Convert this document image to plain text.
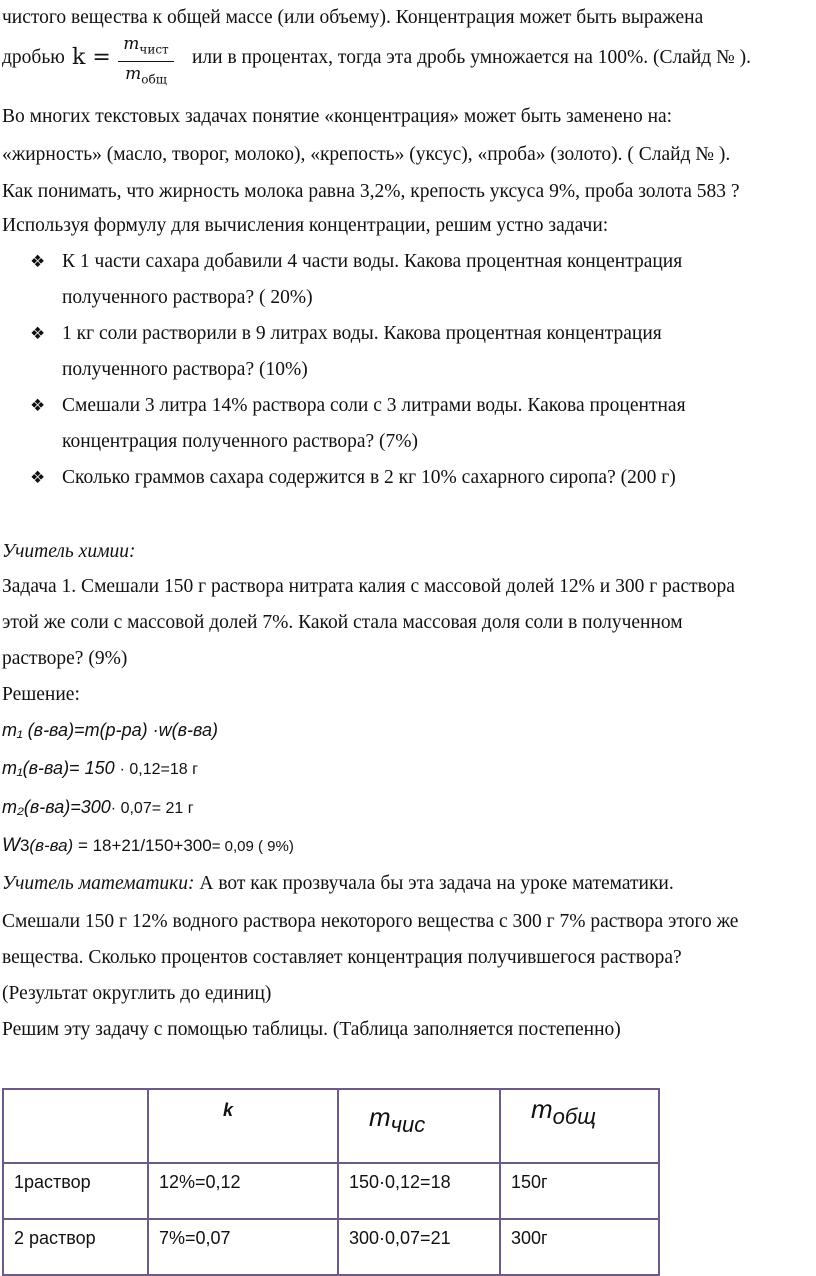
чистого вещества к общей массе (или объему). Концентрация может быть выражена
дробью k =
$m_{чист}$
$m_{общ}$
или в процентах, тогда эта дробь умножается на 100%. (Слайд № ).
Во многих текстовых задачах понятие «концентрация» может быть заменено на:
«жирность» (масло, творог, молоко), «крепость» (уксус), «проба» (золото). ( Слайд № ).
Как понимать, что жирность молока равна 3,2%, крепость уксуса 9%, проба золота 583 ?
Используя формулу для вычисления концентрации, решим устно задачи:
❖ К 1 части сахара добавили 4 части воды. Какова процентная концентрация
полученного раствора? ( 20%)
❖ 1 кг соли растворили в 9 литрах воды. Какова процентная концентрация
полученного раствора? (10%)
❖ Смешали 3 литра 14% раствора соли с 3 литрами воды. Какова процентная
концентрация полученного раствора? (7%)
❖ Сколько граммов сахара содержится в 2 кг 10% сахарного сиропа? (200 г)
Учитель химии:
Задача 1. Смешали 150 г раствора нитрата калия с массовой долей 12% и 300 г раствора
этой же соли с массовой долей 7%. Какой стала массовая доля соли в полученном
растворе? (9%)
Решение:
m₁ (в-ва)=m(р-ра) ·w(в-ва)
m₁(в-ва)= 150 · 0,12=18 г
m₂(в-ва)=300· 0,07= 21 г
W3(в-ва) = 18+21/150+300= 0,09 ( 9%)
Учитель математики: А вот как прозвучала бы эта задача на уроке математики.
Смешали 150 г 12% водного раствора некоторого вещества с 300 г 7% раствора этого же
вещества. Сколько процентов составляет концентрация получившегося раствора?
(Результат округлить до единиц)
Решим эту задачу с помощью таблицы. (Таблица заполняется постепенно)

	k	$m_{чис}$	$m_{общ}$

1раствор	12%=0,12	150·0,12=18	150г
2 раствор	7%=0,07	300·0,07=21	300г
